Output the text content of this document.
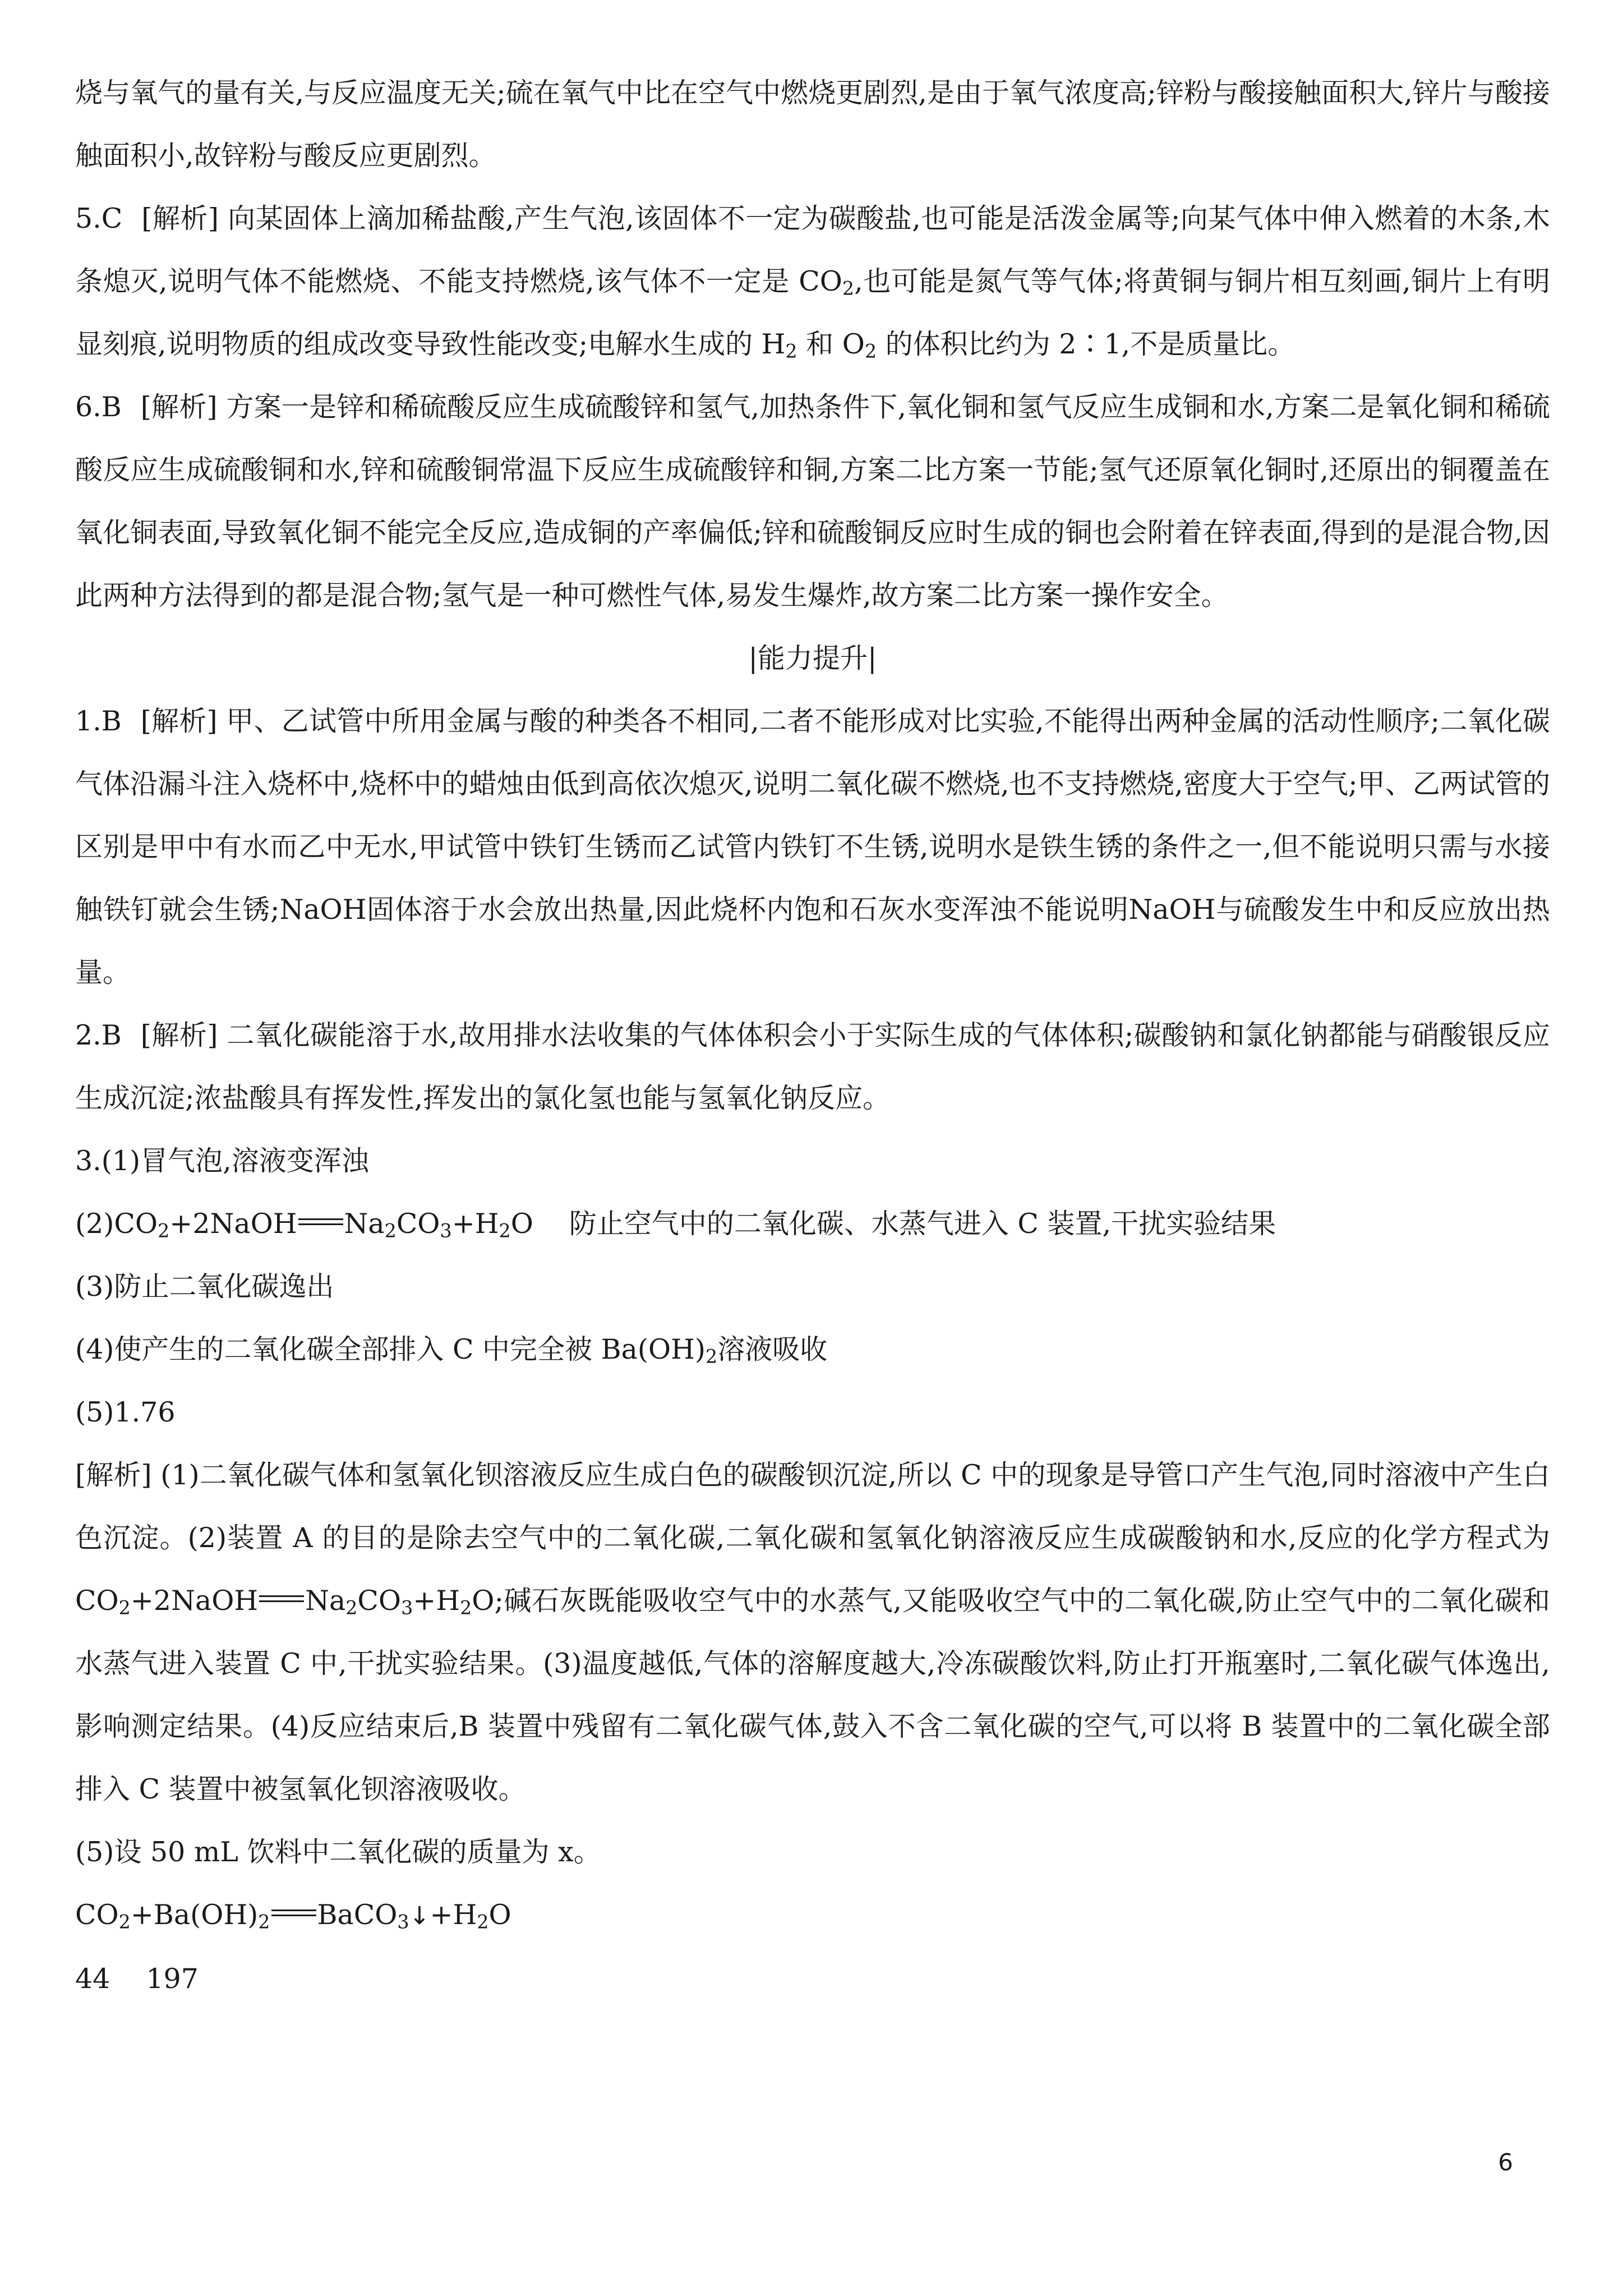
烧与氧气的量有关,与反应温度无关;硫在氧气中比在空气中燃烧更剧烈,是由于氧气浓度高;锌粉与酸接触面积大,锌片与酸接触面积小,故锌粉与酸反应更剧烈。

5.C [解析] 向某固体上滴加稀盐酸,产生气泡,该固体不一定为碳酸盐,也可能是活泼金属等;向某气体中伸入燃着的木条,木条熄灭,说明气体不能燃烧、不能支持燃烧,该气体不一定是 $CO_2$,也可能是氮气等气体;将黄铜与铜片相互刻画,铜片上有明显刻痕,说明物质的组成改变导致性能改变;电解水生成的 $H_2$ 和 $O_2$ 的体积比约为 2∶1,不是质量比。

6.B [解析] 方案一是锌和稀硫酸反应生成硫酸锌和氢气,加热条件下,氧化铜和氢气反应生成铜和水,方案二是氧化铜和稀硫酸反应生成硫酸铜和水,锌和硫酸铜常温下反应生成硫酸锌和铜,方案二比方案一节能;氢气还原氧化铜时,还原出的铜覆盖在氧化铜表面,导致氧化铜不能完全反应,造成铜的产率偏低;锌和硫酸铜反应时生成的铜也会附着在锌表面,得到的是混合物,因此两种方法得到的都是混合物;氢气是一种可燃性气体,易发生爆炸,故方案二比方案一操作安全。

|能力提升|

1.B [解析] 甲、乙试管中所用金属与酸的种类各不相同,二者不能形成对比实验,不能得出两种金属的活动性顺序;二氧化碳气体沿漏斗注入烧杯中,烧杯中的蜡烛由低到高依次熄灭,说明二氧化碳不燃烧,也不支持燃烧,密度大于空气;甲、乙两试管的区别是甲中有水而乙中无水,甲试管中铁钉生锈而乙试管内铁钉不生锈,说明水是铁生锈的条件之一,但不能说明只需与水接触铁钉就会生锈;NaOH固体溶于水会放出热量,因此烧杯内饱和石灰水变浑浊不能说明NaOH与硫酸发生中和反应放出热量。

2.B [解析] 二氧化碳能溶于水,故用排水法收集的气体体积会小于实际生成的气体体积;碳酸钠和氯化钠都能与硝酸银反应生成沉淀;浓盐酸具有挥发性,挥发出的氯化氢也能与氢氧化钠反应。

3.(1)冒气泡,溶液变浑浊

$(2)CO_2+2NaOH$ $Na_2CO_3+H_2O$ 防止空气中的二氧化碳、水蒸气进入 C 装置,干扰实验结果

(3)防止二氧化碳逸出

(4)使产生的二氧化碳全部排入 C 中完全被 $Ba(OH)_2$溶液吸收

(5)1.76

[解析] (1)二氧化碳气体和氢氧化钡溶液反应生成白色的碳酸钡沉淀,所以 C 中的现象是导管口产生气泡,同时溶液中产生白色沉淀。(2)装置 A 的目的是除去空气中的二氧化碳,二氧化碳和氢氧化钠溶液反应生成碳酸钠和水,反应的化学方程式为 $CO_2+2NaOH$ $Na_2CO_3+H_2O$;碱石灰既能吸收空气中的水蒸气,又能吸收空气中的二氧化碳,防止空气中的二氧化碳和水蒸气进入装置 C 中,干扰实验结果。(3)温度越低,气体的溶解度越大,冷冻碳酸饮料,防止打开瓶塞时,二氧化碳气体逸出,影响测定结果。(4)反应结束后,B 装置中残留有二氧化碳气体,鼓入不含二氧化碳的空气,可以将 B 装置中的二氧化碳全部排入 C 装置中被氢氧化钡溶液吸收。

(5)设 50 mL 饮料中二氧化碳的质量为 x。

$CO_2+Ba(OH)_2$ $BaCO_3↓+H_2O$

44 197

6
